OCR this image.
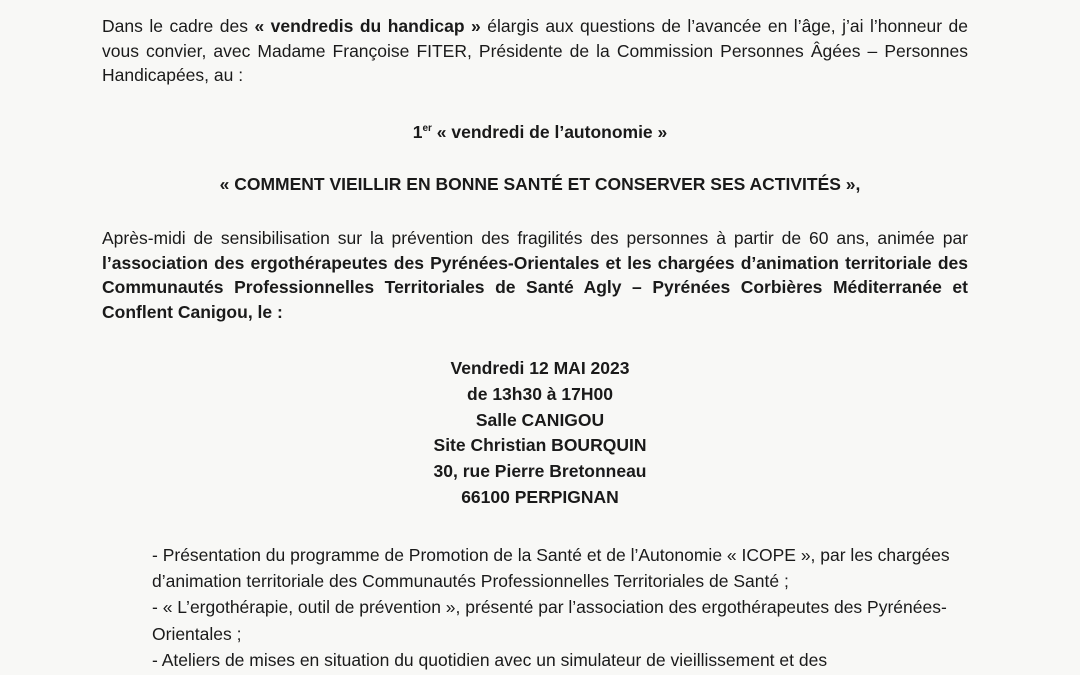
Dans le cadre des « vendredis du handicap » élargis aux questions de l’avancée en l’âge, j’ai l’honneur de vous convier, avec Madame Françoise FITER, Présidente de la Commission Personnes Âgées – Personnes Handicapées, au :

1er « vendredi de l’autonomie »
« COMMENT VIEILLIR EN BONNE SANTÉ ET CONSERVER SES ACTIVITÉS »,

Après-midi de sensibilisation sur la prévention des fragilités des personnes à partir de 60 ans, animée par l’association des ergothérapeutes des Pyrénées-Orientales et les chargées d’animation territoriale des Communautés Professionnelles Territoriales de Santé Agly – Pyrénées Corbières Méditerranée et Conflent Canigou, le :

Vendredi 12 MAI 2023
de 13h30 à 17H00
Salle CANIGOU
Site Christian BOURQUIN
30, rue Pierre Bretonneau
66100 PERPIGNAN

- Présentation du programme de Promotion de la Santé et de l’Autonomie « ICOPE », par les chargées d’animation territoriale des Communautés Professionnelles Territoriales de Santé ;

- « L’ergothérapie, outil de prévention », présenté par l’association des ergothérapeutes des Pyrénées-Orientales ;

- Ateliers de mises en situation du quotidien avec un simulateur de vieillissement et des
